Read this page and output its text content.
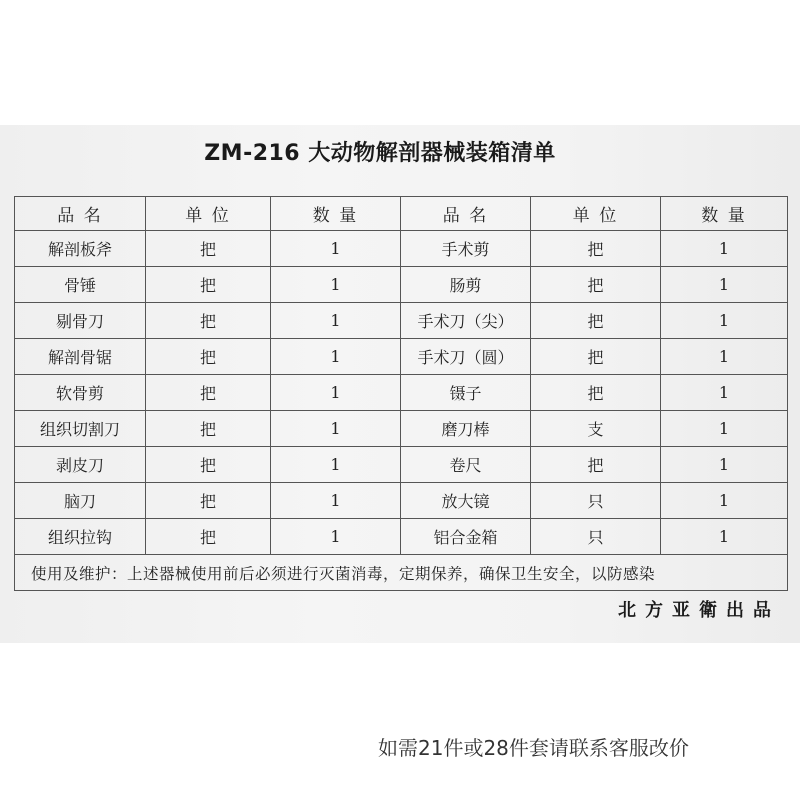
ZM-216 大动物解剖器械装箱清单
品 名	单 位	数 量	品 名	单 位	数 量
解剖板斧	把	1	手术剪	把	1
骨锤	把	1	肠剪	把	1
剔骨刀	把	1	手术刀（尖）	把	1
解剖骨锯	把	1	手术刀（圆）	把	1
软骨剪	把	1	镊子	把	1
组织切割刀	把	1	磨刀棒	支	1
剥皮刀	把	1	卷尺	把	1
脑刀	把	1	放大镜	只	1
组织拉钩	把	1	铝合金箱	只	1
使用及维护：上述器械使用前后必须进行灭菌消毒，定期保养，确保卫生安全，以防感染					
北方亚衛出品
如需21件或28件套请联系客服改价
